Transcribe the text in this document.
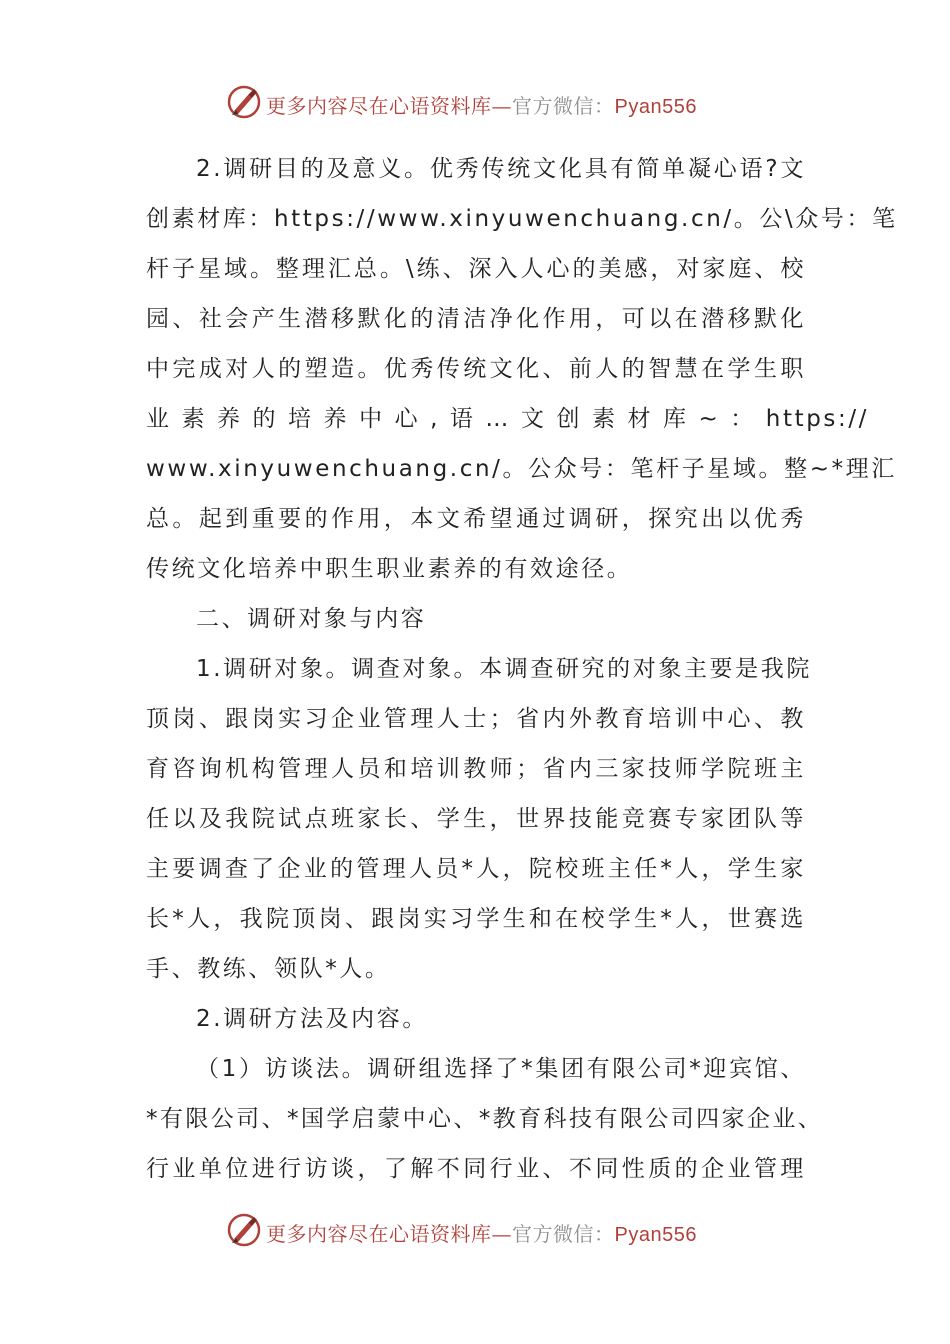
更多内容尽在心语资料库—官方微信：Pyan556
2.调研目的及意义。优秀传统文化具有简单凝心语?文
创素材库：https://www.xinyuwenchuang.cn/。公\众号：笔
杆子星域。整理汇总。\练、深入人心的美感，对家庭、校
园、社会产生潜移默化的清洁净化作用，可以在潜移默化
中完成对人的塑造。优秀传统文化、前人的智慧在学生职
业 素 养 的 培 养 中 心 , 语 … 文 创 素 材 库 ~ ： https://
www.xinyuwenchuang.cn/。公众号：笔杆子星域。整~*理汇
总。起到重要的作用，本文希望通过调研，探究出以优秀
传统文化培养中职生职业素养的有效途径。
二、调研对象与内容
1.调研对象。调查对象。本调查研究的对象主要是我院
顶岗、跟岗实习企业管理人士；省内外教育培训中心、教
育咨询机构管理人员和培训教师；省内三家技师学院班主
任以及我院试点班家长、学生，世界技能竞赛专家团队等
主要调查了企业的管理人员*人，院校班主任*人，学生家
长*人，我院顶岗、跟岗实习学生和在校学生*人，世赛选
手、教练、领队*人。
2.调研方法及内容。
（1）访谈法。调研组选择了*集团有限公司*迎宾馆、
*有限公司、*国学启蒙中心、*教育科技有限公司四家企业、
行业单位进行访谈，了解不同行业、不同性质的企业管理
更多内容尽在心语资料库—官方微信：Pyan556
